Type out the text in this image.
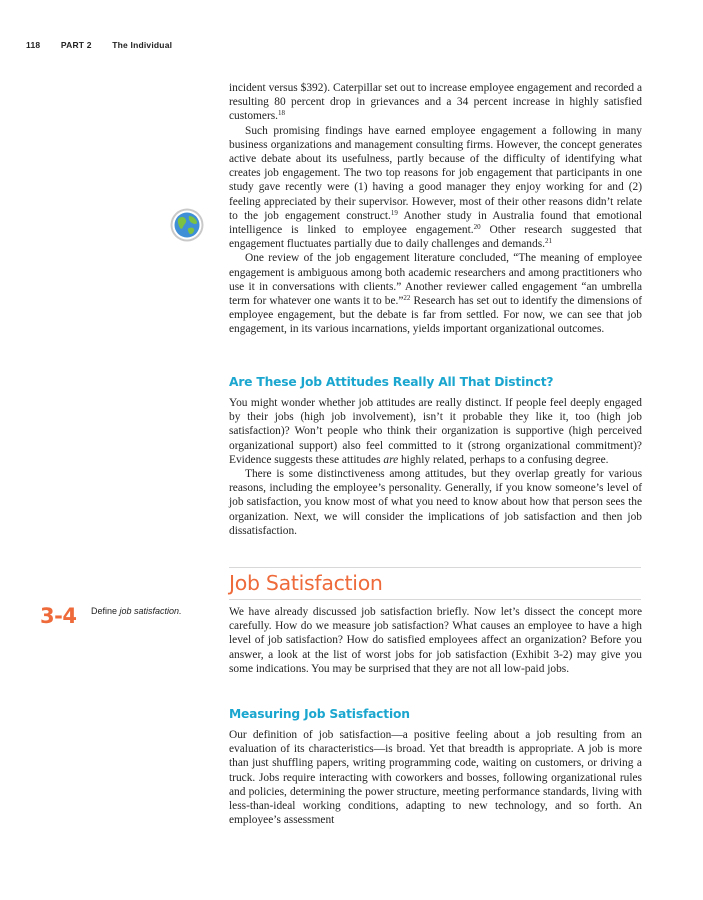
118 PART 2 The Individual

incident versus $392). Caterpillar set out to increase employee engagement and recorded a resulting 80 percent drop in grievances and a 34 percent increase in highly satisfied customers.$^{18}$

Such promising findings have earned employee engagement a following in many business organizations and management consulting firms. However, the concept generates active debate about its usefulness, partly because of the difficulty of identifying what creates job engagement. The two top reasons for job engagement that participants in one study gave recently were (1) having a good manager they enjoy working for and (2) feeling appreciated by their supervisor. However, most of their other reasons didn’t relate to the job engagement construct.$^{19}$ Another study in Australia found that emotional intelligence is linked to employee engagement.$^{20}$ Other research suggested that engagement fluctuates partially due to daily challenges and demands.$^{21}$

One review of the job engagement literature concluded, “The meaning of employee engagement is ambiguous among both academic researchers and among practitioners who use it in conversations with clients.” Another reviewer called engagement “an umbrella term for whatever one wants it to be.”$^{22}$ Research has set out to identify the dimensions of employee engagement, but the debate is far from settled. For now, we can see that job engagement, in its various incarnations, yields important organizational outcomes.

Are These Job Attitudes Really All That Distinct?

You might wonder whether job attitudes are really distinct. If people feel deeply engaged by their jobs (high job involvement), isn’t it probable they like it, too (high job satisfaction)? Won’t people who think their organization is supportive (high perceived organizational support) also feel committed to it (strong organizational commitment)? Evidence suggests these attitudes are highly related, perhaps to a confusing degree.

There is some distinctiveness among attitudes, but they overlap greatly for various reasons, including the employee’s personality. Generally, if you know someone’s level of job satisfaction, you know most of what you need to know about how that person sees the organization. Next, we will consider the implications of job satisfaction and then job dissatisfaction.

Job Satisfaction
3-4 Define job satisfaction.	We have already discussed job satisfaction briefly. Now let’s dissect the concept more carefully. How do we measure job satisfaction? What causes an employee to have a high level of job satisfaction? How do satisfied employees affect an organization? Before you answer, a look at the list of worst jobs for job satisfaction (Exhibit 3-2) may give you some indications. You may be surprised that they are not all low-paid jobs.

Measuring Job Satisfaction

Our definition of job satisfaction—a positive feeling about a job resulting from an evaluation of its characteristics—is broad. Yet that breadth is appropriate. A job is more than just shuffling papers, writing programming code, waiting on customers, or driving a truck. Jobs require interacting with coworkers and bosses, following organizational rules and policies, determining the power structure, meeting performance standards, living with less-than-ideal working conditions, adapting to new technology, and so forth. An employee’s assessment
